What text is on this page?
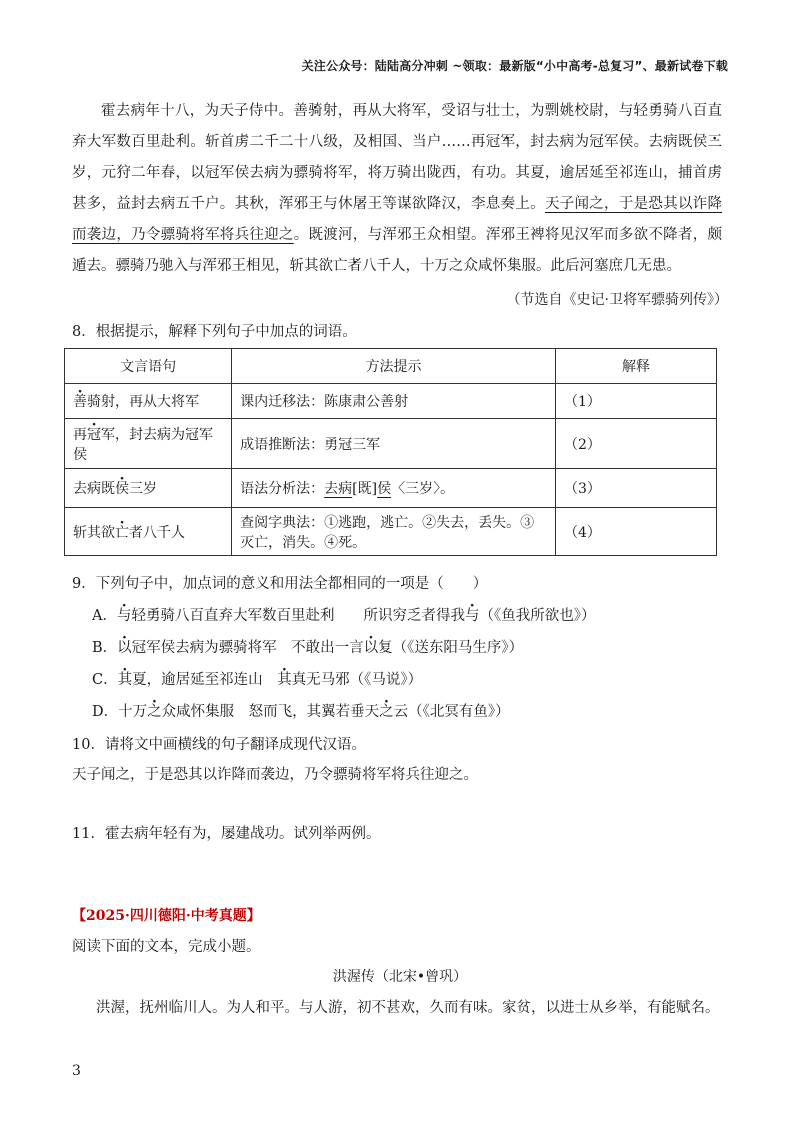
关注公众号：陆陆高分冲刺 ~领取：最新版“小中高考-总复习”、最新试卷下载

霍去病年十八，为天子侍中。善 ·骑射，再从大将军，受诏与壮士，为剽姚校尉，与轻勇骑八百直弃大军数百里赴利。斩首虏二千二十八级，及相国、当户……再冠 ·军，封去病为冠军侯。去病既侯 ·三岁，元狩二年春，以冠军侯去病为骠骑将军，将万骑出陇西，有功。其夏，逾居延至祁连山，捕首虏甚多，益封去病五千户。其秋，浑邪王与休屠王等谋欲降汉，李息奏上。天子闻之，于是恐其以诈降而袭边，乃令骠骑将军将兵往迎之。既渡河，与浑邪王众相望。浑邪王裨将见汉军而多欲不降者，颇遁去。骠骑乃驰入与浑邪王相见，斩其欲亡 ·者八千人，十万之众咸怀集服。此后河塞庶几无患。

（节选自《史记·卫将军骠骑列传》）

8．根据提示，解释下列句子中加点的词语。

文言语句	方法提示	解释
善骑射，再从大将军	课内迁移法：陈康肃公善射	（1）
再冠军，封去病为冠军侯	成语推断法：勇冠三军	（2）
去病既侯三岁	语法分析法：去病[既]侯〈三岁〉。	（3）
斩其欲亡者八千人	查阅字典法：①逃跑，逃亡。②失去，丢失。③灭亡，消失。④死。	（4）

9．下列句子中，加点词的意义和用法全都相同的一项是（　　）

A．与轻勇骑八百直弃大军数百里赴利　　所识穷乏者得我与（《鱼我所欲也》）
B．以冠军侯去病为骠骑将军　不敢出一言以复（《送东阳马生序》）
C．其夏，逾居延至祁连山　其真无马邪（《马说》）
D．十万之众咸怀集服　怒而飞，其翼若垂天之云（《北冥有鱼》）

10．请将文中画横线的句子翻译成现代汉语。

天子闻之，于是恐其以诈降而袭边，乃令骠骑将军将兵往迎之。

11．霍去病年轻有为，屡建战功。试列举两例。

【2025·四川德阳·中考真题】

阅读下面的文本，完成小题。

洪渥传（北宋•曾巩）

洪渥，抚州临川人。为人和平。与人游，初不甚欢，久而有味。家贫，以进士从乡举，有能赋名。

3
